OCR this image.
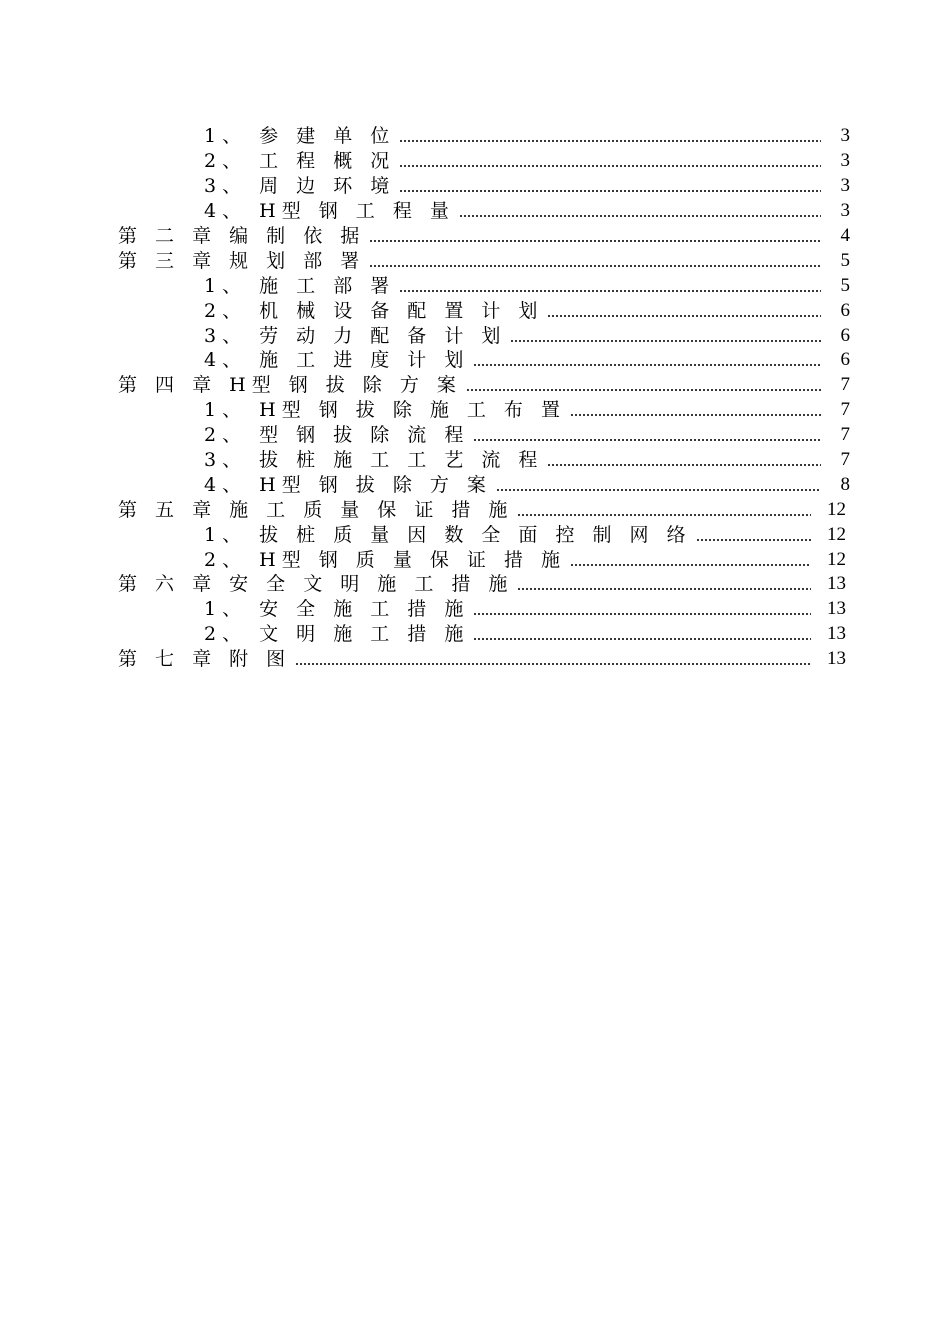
1、 参 建 单 位	3
2、 工 程 概 况	3
3、 周 边 环 境	3
4、 H型 钢 工 程 量	3
第 二 章 编 制 依 据	4
第 三 章 规 划 部 署	5
1、 施 工 部 署	5
2、 机 械 设 备 配 置 计 划	6
3、 劳 动 力 配 备 计 划	6
4、 施 工 进 度 计 划	6
第 四 章 H型 钢 拔 除 方 案	7
1、 H型 钢 拔 除 施 工 布 置	7
2、 型 钢 拔 除 流 程	7
3、 拔 桩 施 工 工 艺 流 程	7
4、 H型 钢 拔 除 方 案	8
第 五 章 施 工 质 量 保 证 措 施	12
1、 拔 桩 质 量 因 数 全 面 控 制 网 络	12
2、 H型 钢 质 量 保 证 措 施	12
第 六 章 安 全 文 明 施 工 措 施	13
1、 安 全 施 工 措 施	13
2、 文 明 施 工 措 施	13
第 七 章 附 图	13
